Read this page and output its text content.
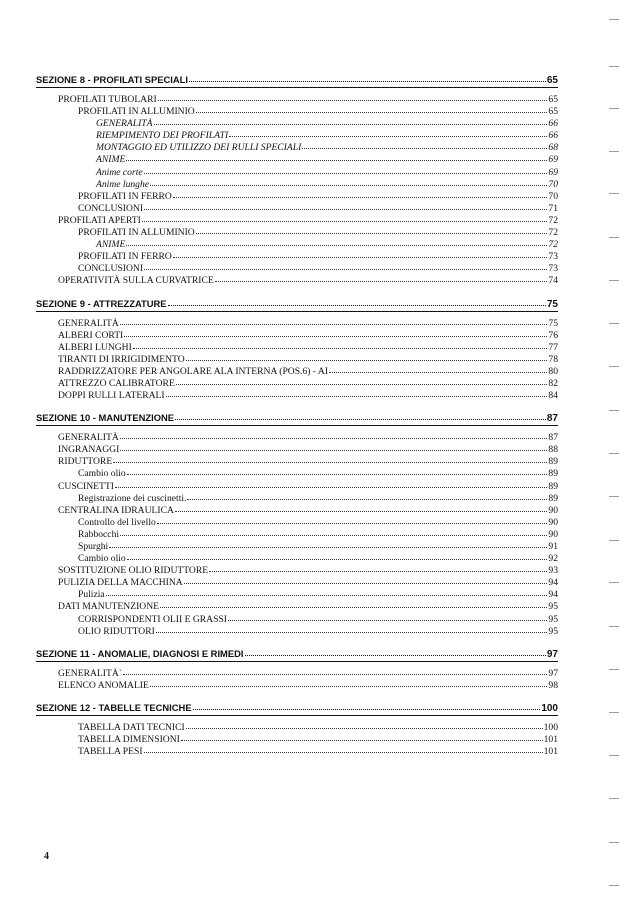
SEZIONE 8 - PROFILATI SPECIALI	65
PROFILATI TUBOLARI	65
PROFILATI IN ALLUMINIO	65
GENERALITÀ	66
RIEMPIMENTO DEI PROFILATI	66
MONTAGGIO ED UTILIZZO DEI RULLI SPECIALI	68
ANIME	69
Anime corte	69
Anime lunghe	70
PROFILATI IN FERRO	70
CONCLUSIONI	71
PROFILATI APERTI	72
PROFILATI IN ALLUMINIO	72
ANIME	72
PROFILATI IN FERRO	73
CONCLUSIONI	73
OPERATIVITÀ SULLA CURVATRICE	74
SEZIONE 9 - ATTREZZATURE	75
GENERALITÀ	75
ALBERI CORTI	76
ALBERI LUNGHI	77
TIRANTI DI IRRIGIDIMENTO	78
RADDRIZZATORE PER ANGOLARE ALA INTERNA (POS.6) - AI	80
ATTREZZO CALIBRATORE	82
DOPPI RULLI LATERALI	84
SEZIONE 10 - MANUTENZIONE	87
GENERALITÀ	87
INGRANAGGI	88
RIDUTTORE	89
Cambio olio	89
CUSCINETTI	89
Registrazione dei cuscinetti.	89
CENTRALINA IDRAULICA	90
Controllo del livello	90
Rabbocchi	90
Spurghi	91
Cambio olio	92
SOSTITUZIONE OLIO RIDUTTORE	93
PULIZIA DELLA MACCHINA	94
Pulizia	94
DATI MANUTENZIONE	95
CORRISPONDENTI OLII E GRASSI	95
OLIO RIDUTTORI	95
SEZIONE 11 - ANOMALIE, DIAGNOSI E RIMEDI	97
GENERALITÀ`	97
ELENCO ANOMALIE	98
SEZIONE 12 - TABELLE TECNICHE	100
TABELLA DATI TECNICI	100
TABELLA DIMENSIONI	101
TABELLA PESI	101
4
